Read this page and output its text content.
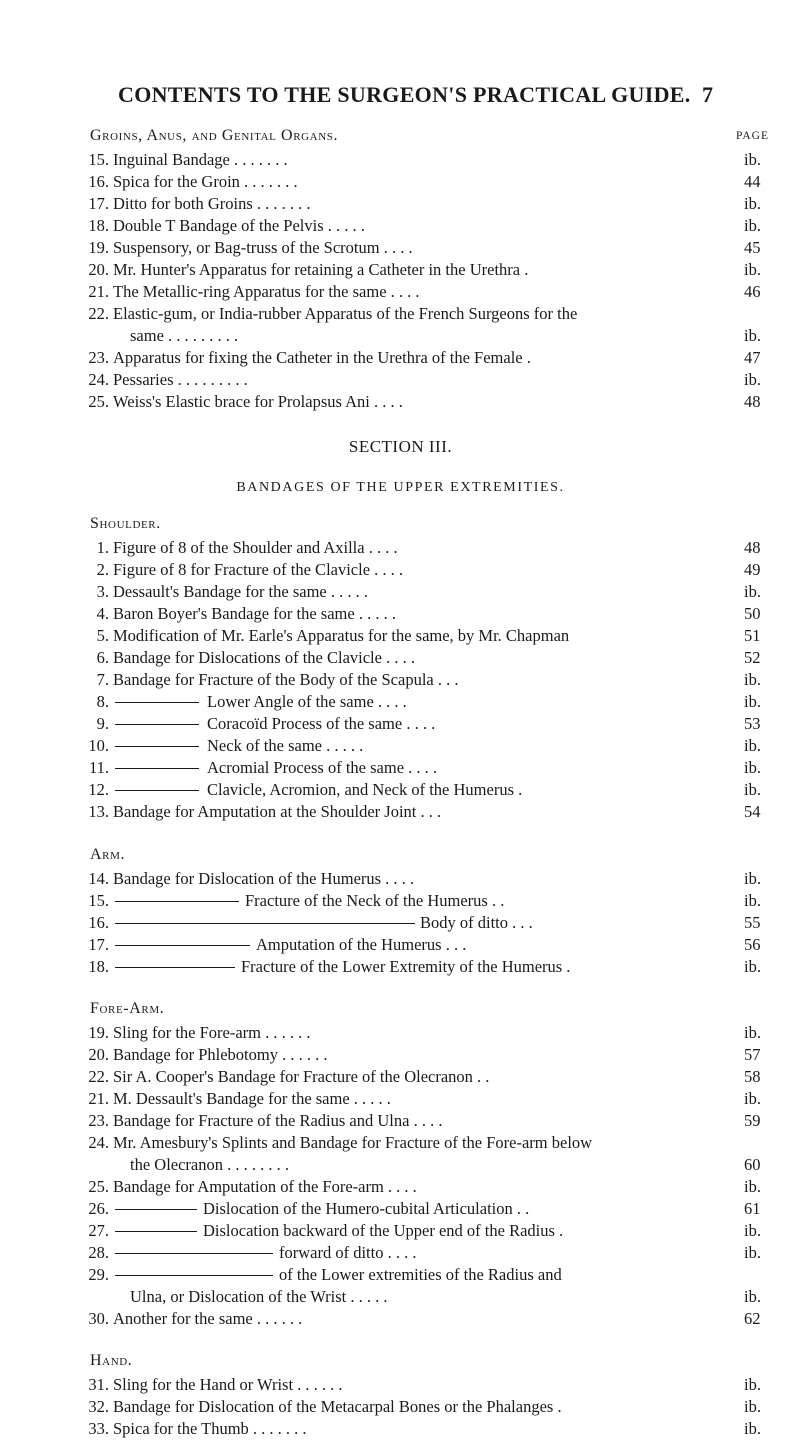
CONTENTS TO THE SURGEON'S PRACTICAL GUIDE. 7
PAGE
Groins, Anus, and Genital Organs.
15. Inguinal Bandage . . . . . . .	ib.
16. Spica for the Groin . . . . . . .	44
17. Ditto for both Groins . . . . . . .	ib.
18. Double T Bandage of the Pelvis . . . . .	ib.
19. Suspensory, or Bag-truss of the Scrotum . . . .	45
20. Mr. Hunter's Apparatus for retaining a Catheter in the Urethra .	ib.
21. The Metallic-ring Apparatus for the same . . . .	46
22. Elastic-gum, or India-rubber Apparatus of the French Surgeons for the
same . . . . . . . . .	ib.
23. Apparatus for fixing the Catheter in the Urethra of the Female .	47
24. Pessaries . . . . . . . . .	ib.
25. Weiss's Elastic brace for Prolapsus Ani . . . .	48
SECTION III.
BANDAGES OF THE UPPER EXTREMITIES.
Shoulder.
1. Figure of 8 of the Shoulder and Axilla . . . .	48
2. Figure of 8 for Fracture of the Clavicle . . . .	49
3. Dessault's Bandage for the same . . . . .	ib.
4. Baron Boyer's Bandage for the same . . . . .	50
5. Modification of Mr. Earle's Apparatus for the same, by Mr. Chapman	51
6. Bandage for Dislocations of the Clavicle . . . .	52
7. Bandage for Fracture of the Body of the Scapula . . .	ib.
8.	Lower Angle of the same . . . .	ib.
9.	Coracoïd Process of the same . . . .	53
10.	Neck of the same . . . . .	ib.
11.	Acromial Process of the same . . . .	ib.
12.	Clavicle, Acromion, and Neck of the Humerus .	ib.
13. Bandage for Amputation at the Shoulder Joint . . .	54
Arm.
14. Bandage for Dislocation of the Humerus . . . .	ib.
15.	Fracture of the Neck of the Humerus . .	ib.
16.	Body of ditto . . .	55
17.	Amputation of the Humerus . . .	56
18.	Fracture of the Lower Extremity of the Humerus .	ib.
Fore-Arm.
19. Sling for the Fore-arm . . . . . .	ib.
20. Bandage for Phlebotomy . . . . . .	57
22. Sir A. Cooper's Bandage for Fracture of the Olecranon . .	58
21. M. Dessault's Bandage for the same . . . . .	ib.
23. Bandage for Fracture of the Radius and Ulna . . . .	59
24. Mr. Amesbury's Splints and Bandage for Fracture of the Fore-arm below
the Olecranon . . . . . . . .	60
25. Bandage for Amputation of the Fore-arm . . . .	ib.
26.	Dislocation of the Humero-cubital Articulation . .	61
27.	Dislocation backward of the Upper end of the Radius .	ib.
28.	forward of ditto . . . .	ib.
29.	of the Lower extremities of the Radius and
Ulna, or Dislocation of the Wrist . . . . .	ib.
30. Another for the same . . . . . .	62
Hand.
31. Sling for the Hand or Wrist . . . . . .	ib.
32. Bandage for Dislocation of the Metacarpal Bones or the Phalanges .	ib.
33. Spica for the Thumb . . . . . . .	ib.
